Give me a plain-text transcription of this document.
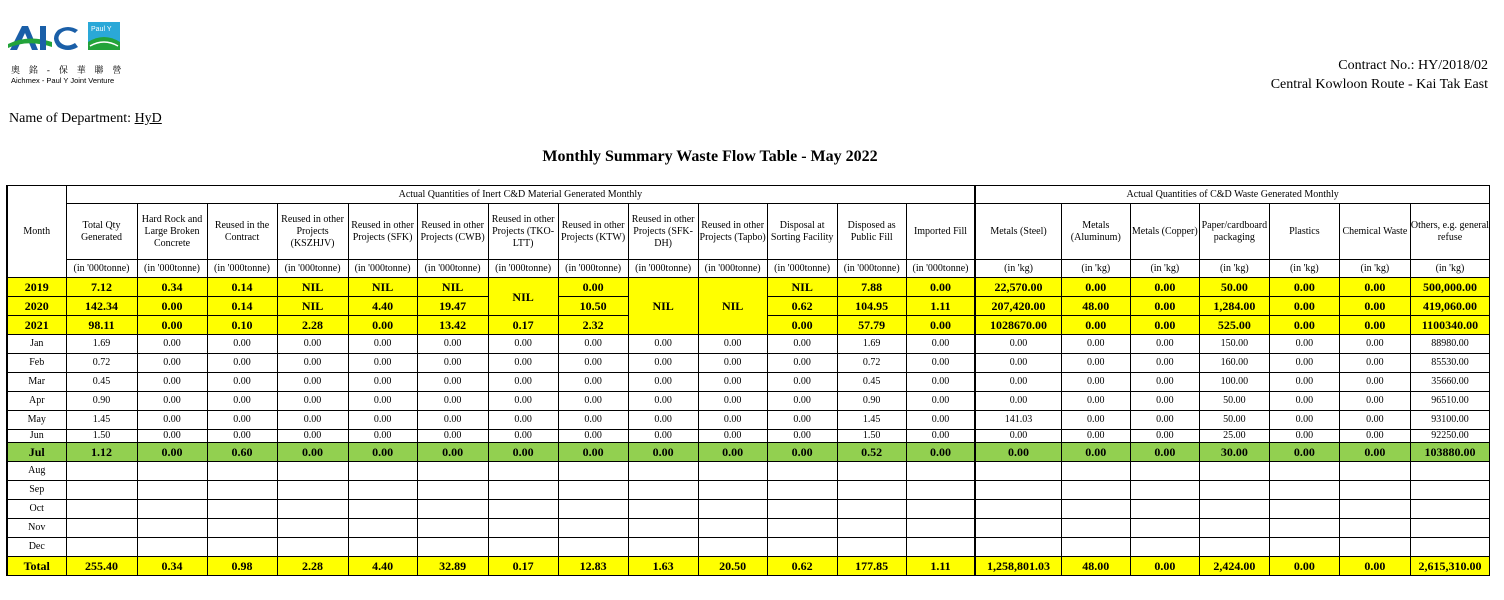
Paul Y
奧 銘 - 保 華 聯 營
Aichmex - Paul Y Joint Venture
Contract No.: HY/2018/02
Central Kowloon Route - Kai Tak East
Name of Department: HyD
Monthly Summary Waste Flow Table - May 2022
Month	Actual Quantities of Inert C&D Material Generated Monthly													Actual Quantities of C&D Waste Generated Monthly						
	Total Qty Generated	Hard Rock and Large Broken Concrete	Reused in the Contract	Reused in other Projects (KSZHJV)	Reused in other Projects (SFK)	Reused in other Projects (CWB)	Reused in other Projects (TKO-LTT)	Reused in other Projects (KTW)	Reused in other Projects (SFK-DH)	Reused in other Projects (Tapbo)	Disposal at Sorting Facility	Disposed as Public Fill	Imported Fill	Metals (Steel)	Metals (Aluminum)	Metals (Copper)	Paper/cardboard packaging	Plastics	Chemical Waste	Others, e.g. general refuse
	(in '000tonne)	(in '000tonne)	(in '000tonne)	(in '000tonne)	(in '000tonne)	(in '000tonne)	(in '000tonne)	(in '000tonne)	(in '000tonne)	(in '000tonne)	(in '000tonne)	(in '000tonne)	(in '000tonne)	(in 'kg)	(in 'kg)	(in 'kg)	(in 'kg)	(in 'kg)	(in 'kg)	(in 'kg)
2019	7.12	0.34	0.14	NIL	NIL	NIL	NIL	0.00	NIL	NIL	NIL	7.88	0.00	22,570.00	0.00	0.00	50.00	0.00	0.00	500,000.00
2020	142.34	0.00	0.14	NIL	4.40	19.47		10.50			0.62	104.95	1.11	207,420.00	48.00	0.00	1,284.00	0.00	0.00	419,060.00
2021	98.11	0.00	0.10	2.28	0.00	13.42	0.17	2.32			0.00	57.79	0.00	1028670.00	0.00	0.00	525.00	0.00	0.00	1100340.00
Jan	1.69	0.00	0.00	0.00	0.00	0.00	0.00	0.00	0.00	0.00	0.00	1.69	0.00	0.00	0.00	0.00	150.00	0.00	0.00	88980.00
Feb	0.72	0.00	0.00	0.00	0.00	0.00	0.00	0.00	0.00	0.00	0.00	0.72	0.00	0.00	0.00	0.00	160.00	0.00	0.00	85530.00
Mar	0.45	0.00	0.00	0.00	0.00	0.00	0.00	0.00	0.00	0.00	0.00	0.45	0.00	0.00	0.00	0.00	100.00	0.00	0.00	35660.00
Apr	0.90	0.00	0.00	0.00	0.00	0.00	0.00	0.00	0.00	0.00	0.00	0.90	0.00	0.00	0.00	0.00	50.00	0.00	0.00	96510.00
May	1.45	0.00	0.00	0.00	0.00	0.00	0.00	0.00	0.00	0.00	0.00	1.45	0.00	141.03	0.00	0.00	50.00	0.00	0.00	93100.00
Jun	1.50	0.00	0.00	0.00	0.00	0.00	0.00	0.00	0.00	0.00	0.00	1.50	0.00	0.00	0.00	0.00	25.00	0.00	0.00	92250.00
Jul	1.12	0.00	0.60	0.00	0.00	0.00	0.00	0.00	0.00	0.00	0.00	0.52	0.00	0.00	0.00	0.00	30.00	0.00	0.00	103880.00
Aug																				
Sep																				
Oct																				
Nov																				
Dec																				
Total	255.40	0.34	0.98	2.28	4.40	32.89	0.17	12.83	1.63	20.50	0.62	177.85	1.11	1,258,801.03	48.00	0.00	2,424.00	0.00	0.00	2,615,310.00
